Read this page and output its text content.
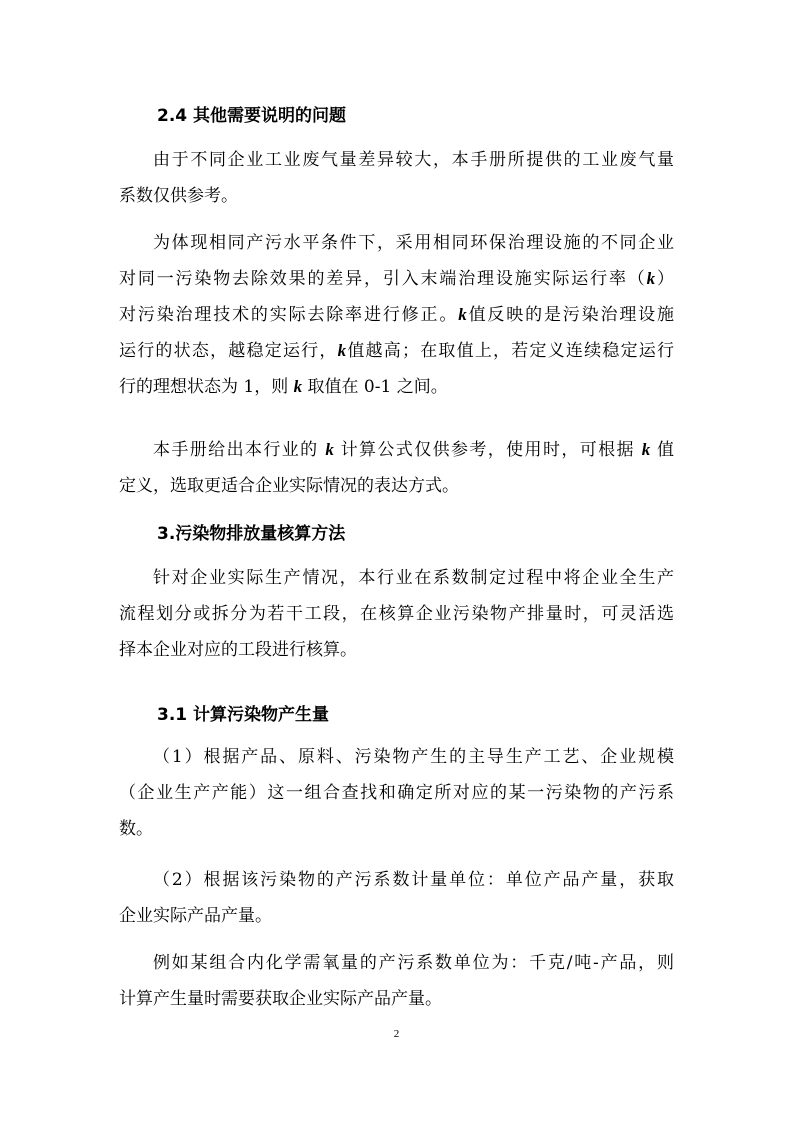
2.4 其他需要说明的问题
由于不同企业工业废气量差异较大，本手册所提供的工业废气量
系数仅供参考。
为体现相同产污水平条件下，采用相同环保治理设施的不同企业
对同一污染物去除效果的差异，引入末端治理设施实际运行率（k）
对污染治理技术的实际去除率进行修正。k值反映的是污染治理设施
运行的状态，越稳定运行，k值越高；在取值上，若定义连续稳定运行
行的理想状态为 1，则 k 取值在 0-1 之间。
本手册给出本行业的 k 计算公式仅供参考，使用时，可根据 k 值
定义，选取更适合企业实际情况的表达方式。
3.污染物排放量核算方法
针对企业实际生产情况，本行业在系数制定过程中将企业全生产
流程划分或拆分为若干工段，在核算企业污染物产排量时，可灵活选
择本企业对应的工段进行核算。
3.1 计算污染物产生量
（1）根据产品、原料、污染物产生的主导生产工艺、企业规模
（企业生产产能）这一组合查找和确定所对应的某一污染物的产污系
数。
（2）根据该污染物的产污系数计量单位：单位产品产量，获取
企业实际产品产量。
例如某组合内化学需氧量的产污系数单位为：千克/吨-产品，则
计算产生量时需要获取企业实际产品产量。
2
